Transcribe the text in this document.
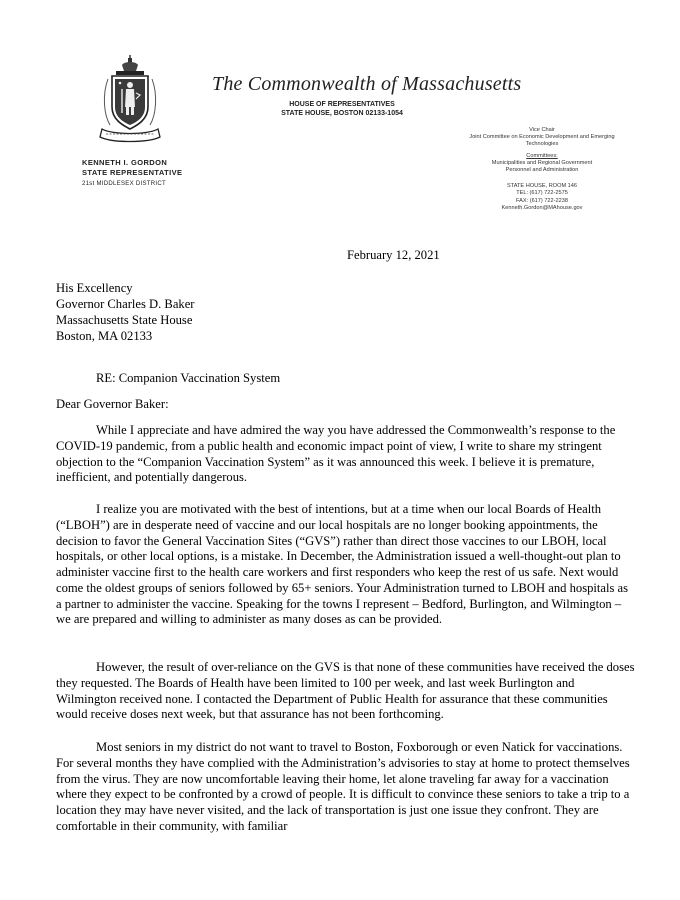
The Commonwealth of Massachusetts
HOUSE OF REPRESENTATIVES
STATE HOUSE, BOSTON 02133-1054
KENNETH I. GORDON
STATE REPRESENTATIVE
21st MIDDLESEX DISTRICT
Vice Chair
Joint Committee on Economic Development and Emerging Technologies
Committees:
Municipalities and Regional Government
Personnel and Administration
STATE HOUSE, ROOM 146
TEL: (617) 722-2575
FAX: (617) 722-2238
Kenneth.Gordon@MAhouse.gov
February 12, 2021
His Excellency
Governor Charles D. Baker
Massachusetts State House
Boston, MA 02133
RE: Companion Vaccination System
Dear Governor Baker:

While I appreciate and have admired the way you have addressed the Commonwealth’s response to the COVID-19 pandemic, from a public health and economic impact point of view, I write to share my stringent objection to the “Companion Vaccination System” as it was announced this week. I believe it is premature, inefficient, and potentially dangerous.

I realize you are motivated with the best of intentions, but at a time when our local Boards of Health (“LBOH”) are in desperate need of vaccine and our local hospitals are no longer booking appointments, the decision to favor the General Vaccination Sites (“GVS”) rather than direct those vaccines to our LBOH, local hospitals, or other local options, is a mistake. In December, the Administration issued a well-thought-out plan to administer vaccine first to the health care workers and first responders who keep the rest of us safe. Next would come the oldest groups of seniors followed by 65+ seniors. Your Administration turned to LBOH and hospitals as a partner to administer the vaccine. Speaking for the towns I represent – Bedford, Burlington, and Wilmington – we are prepared and willing to administer as many doses as can be provided.

However, the result of over-reliance on the GVS is that none of these communities have received the doses they requested. The Boards of Health have been limited to 100 per week, and last week Burlington and Wilmington received none. I contacted the Department of Public Health for assurance that these communities would receive doses next week, but that assurance has not been forthcoming.

Most seniors in my district do not want to travel to Boston, Foxborough or even Natick for vaccinations. For several months they have complied with the Administration’s advisories to stay at home to protect themselves from the virus. They are now uncomfortable leaving their home, let alone traveling far away for a vaccination where they expect to be confronted by a crowd of people. It is difficult to convince these seniors to take a trip to a location they may have never visited, and the lack of transportation is just one issue they confront. They are comfortable in their community, with familiar
